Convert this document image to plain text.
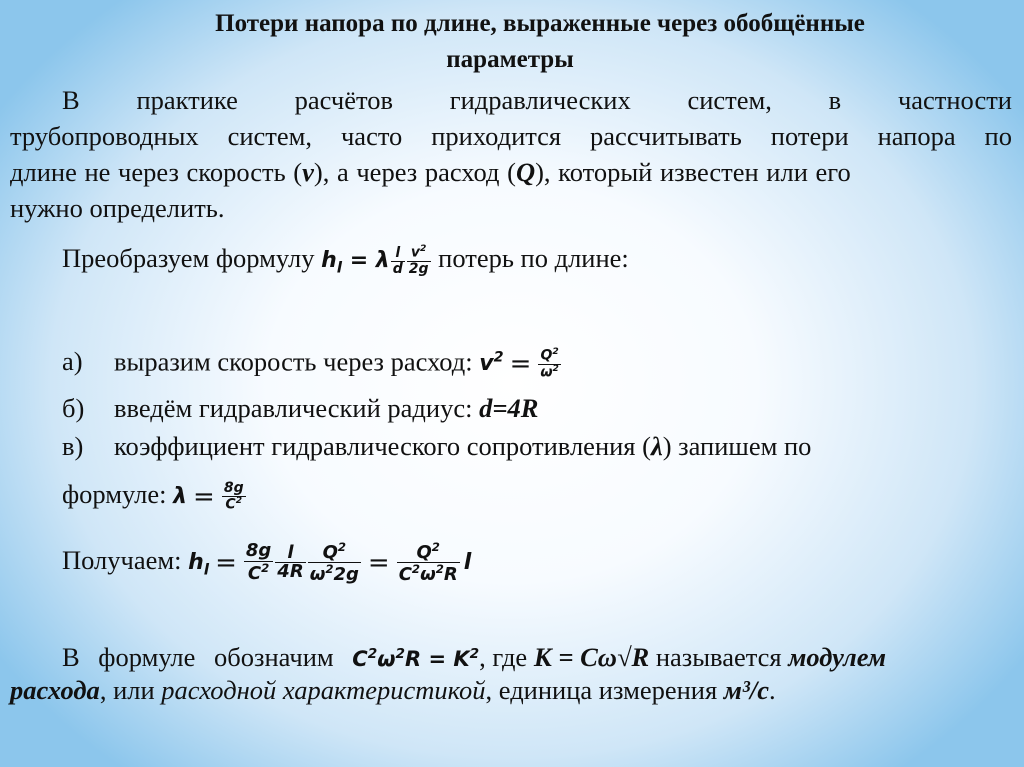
Потери напора по длине, выраженные через обобщённые
параметры
В практике расчётов гидравлических систем, в частности
трубопроводных систем, часто приходится рассчитывать потери напора по
длине не через скорость (v), а через расход (Q), который известен или его
нужно определить.
Преобразуем формулу $h_l = \lambda \frac{l}{d} \frac{v^2}{2g}$ потерь по длине:
а) выразим скорость через расход: $v^2 = \frac{Q^2}{\omega^2}$
б) введём гидравлический радиус: d=4R
в) коэффициент гидравлического сопротивления (λ) запишем по
формуле: $\lambda = \frac{8g}{C^2}$
Получаем: $h_l = \frac{8g}{C^2} \frac{l}{4R} \frac{Q^2}{\omega^22g} = \frac{Q^2}{C^2\omega^2R}$ l
В формуле обозначим $C^2\omega^2R = K^2$, где К = Сω√R называется модулем
расхода, или расходной характеристикой, единица измерения м³/с.
